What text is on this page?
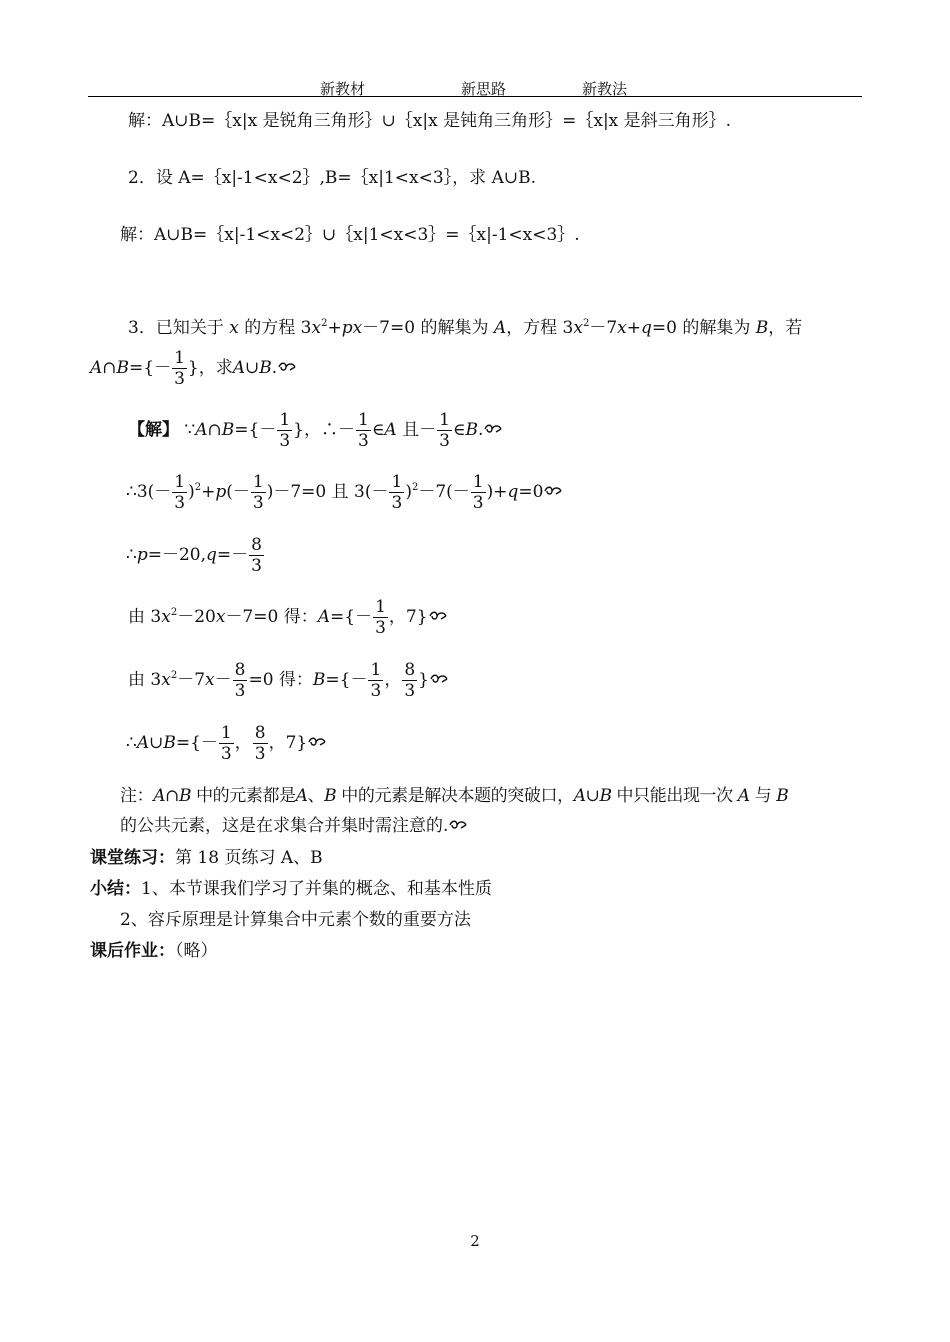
新教材	新思路	新教法
解：A∪B=｛x|x 是锐角三角形｝∪｛x|x 是钝角三角形｝=｛x|x 是斜三角形｝.
2．设 A=｛x|-1<x<2｝,B=｛x|1<x<3｝，求 A∪B.
解：A∪B=｛x|-1<x<2｝∪｛x|1<x<3｝=｛x|-1<x<3｝.
3．已知关于 x 的方程 $3x^2+px-7=0$ 的解集为 A，方程 $3x^2-7x+q=0$ 的解集为 B，若
A∩B={－ $\frac{1}{3}$ }，求A∪B.
【解】 ∵A∩B={－ $\frac{1}{3}$ }，∴－ $\frac{1}{3}$ ∈A 且－ $\frac{1}{3}$ ∈B.
∴3(－ $\frac{1}{3} )^2+p(- \frac{1}{3} )-7=0$ 且 $3(- \frac{1}{3} )^2-7(- \frac{1}{3} )+q=0$
∴p=－20,q=－ $\frac{8}{3}$
由 $3x^2-20x-7=0$ 得：$A=\{- \frac{1}{3}$ ，7}
由 $3x^2-7x- \frac{8}{3} =0$ 得：$B=\{- \frac{1}{3}$ ， $\frac{8}{3}$ }
∴A∪B={－ $\frac{1}{3}$ ， $\frac{8}{3}$ ，7}
注：A∩B 中的元素都是A、B 中的元素是解决本题的突破口，A∪B 中只能出现一次 A 与 B
的公共元素，这是在求集合并集时需注意的.
课堂练习：第 18 页练习 A、B
小结：1、本节课我们学习了并集的概念、和基本性质
2、容斥原理是计算集合中元素个数的重要方法
课后作业：（略）
2
